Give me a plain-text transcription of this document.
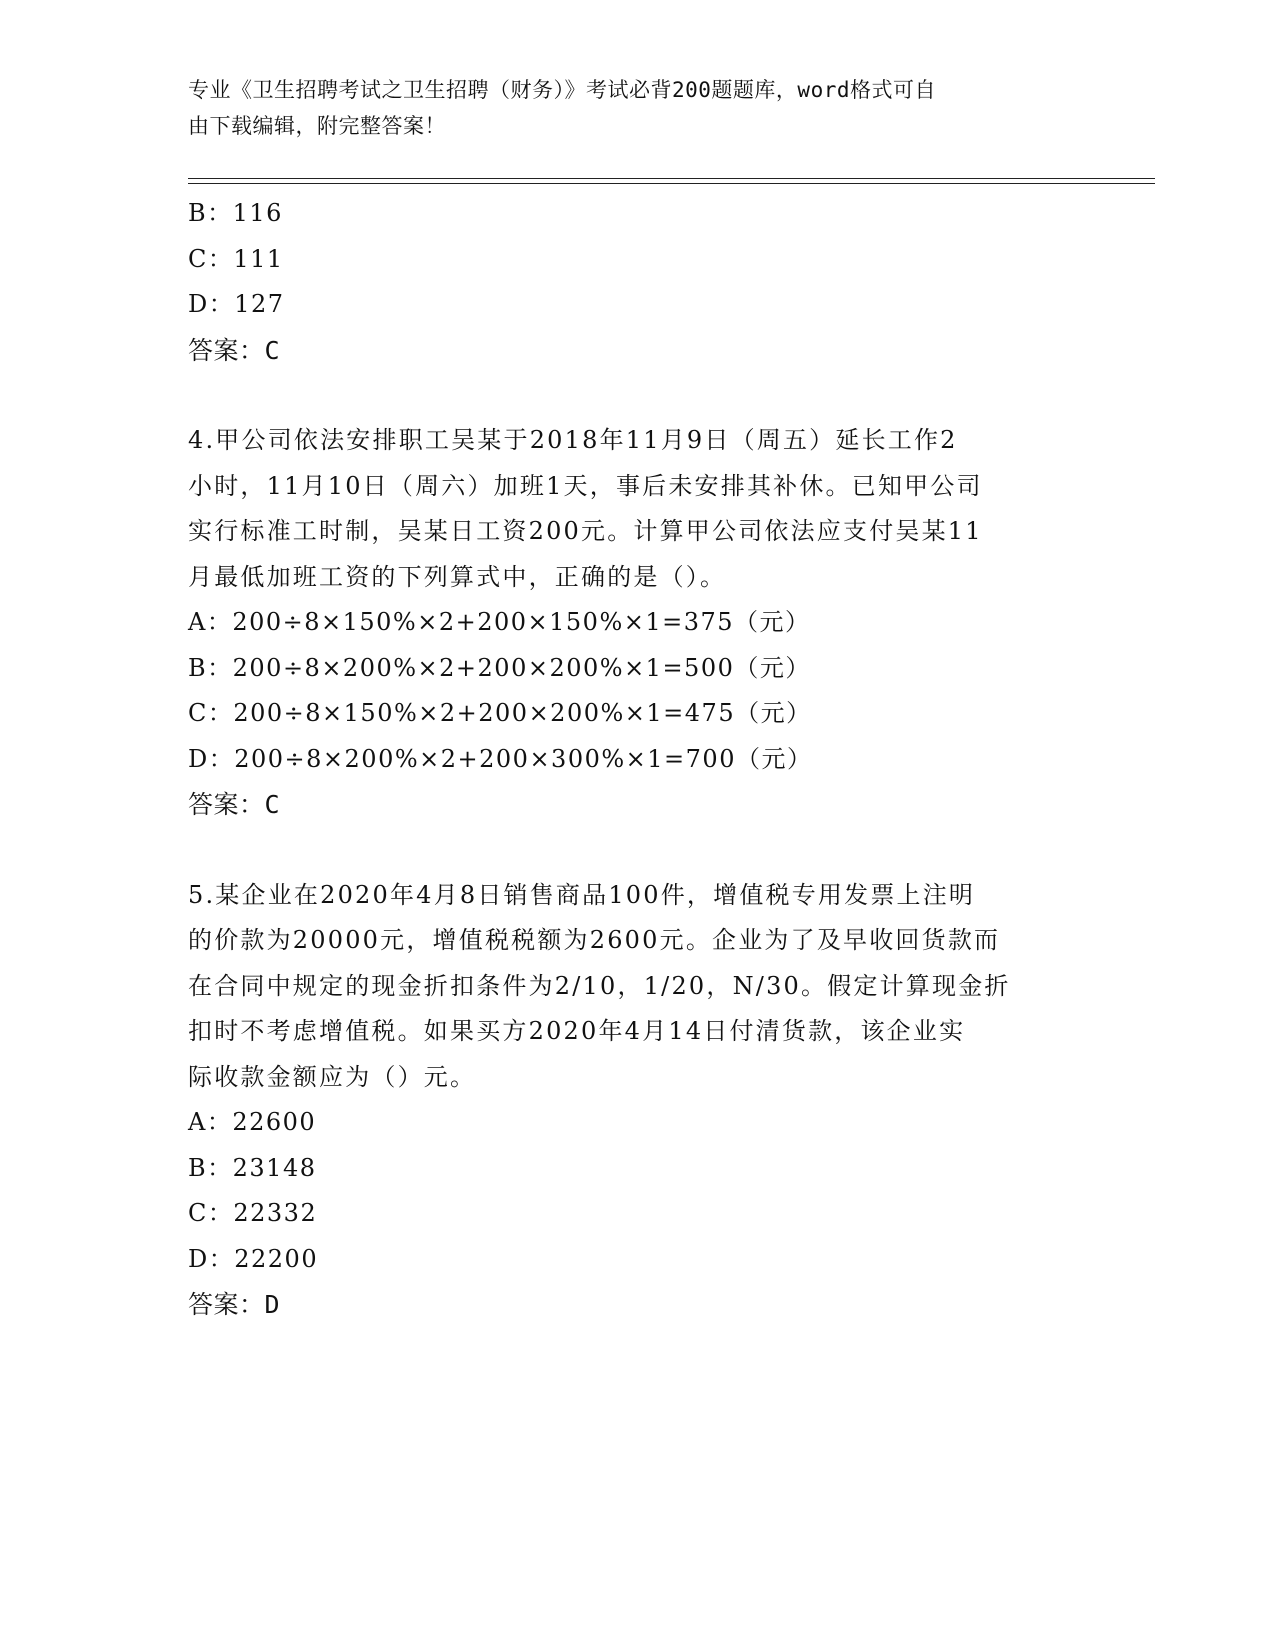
专业《卫生招聘考试之卫生招聘（财务）》考试必背200题题库，word格式可自
由下载编辑，附完整答案！
B：116
C：111
D：127
答案：C
4.甲公司依法安排职工吴某于2018年11月9日（周五）延长工作2
小时，11月10日（周六）加班1天，事后未安排其补休。已知甲公司
实行标准工时制，吴某日工资200元。计算甲公司依法应支付吴某11
月最低加班工资的下列算式中，正确的是（）。
A：200÷8×150%×2+200×150%×1=375（元）
B：200÷8×200%×2+200×200%×1=500（元）
C：200÷8×150%×2+200×200%×1=475（元）
D：200÷8×200%×2+200×300%×1=700（元）
答案：C
5.某企业在2020年4月8日销售商品100件，增值税专用发票上注明
的价款为20000元，增值税税额为2600元。企业为了及早收回货款而
在合同中规定的现金折扣条件为2/10，1/20，N/30。假定计算现金折
扣时不考虑增值税。如果买方2020年4月14日付清货款，该企业实
际收款金额应为（）元。
A：22600
B：23148
C：22332
D：22200
答案：D
